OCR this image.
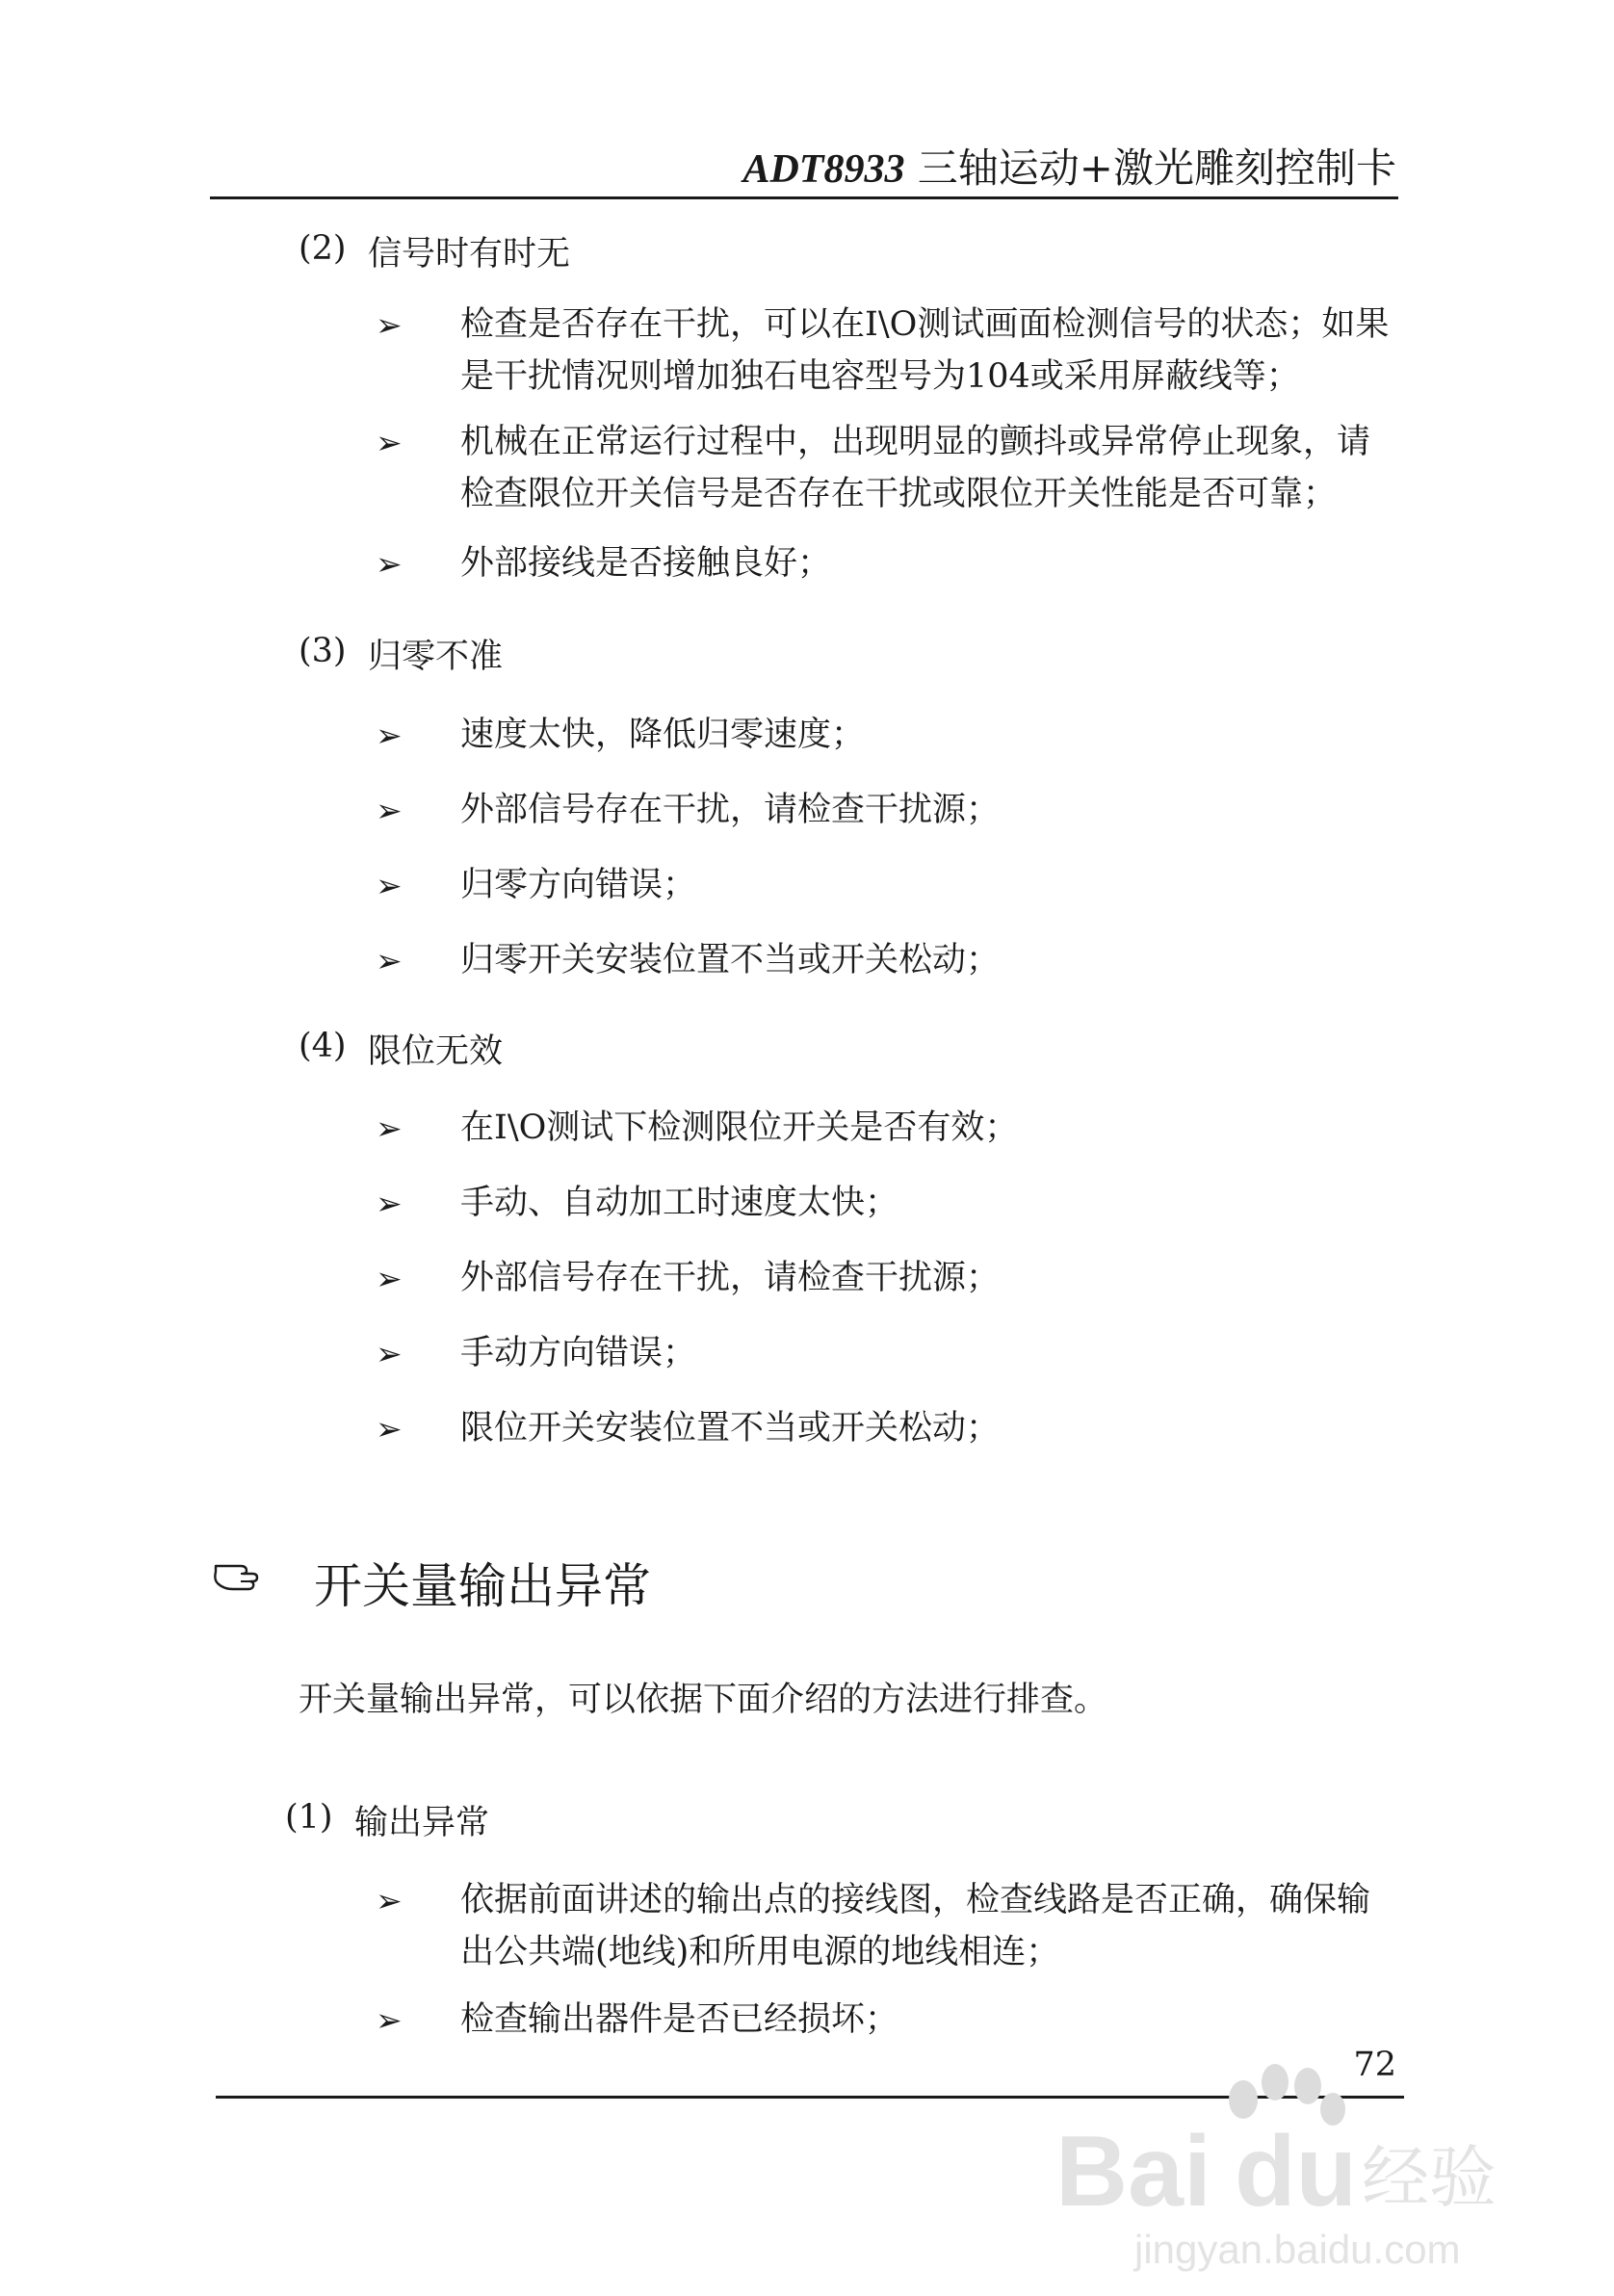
ADT8933 三轴运动+激光雕刻控制卡
(2) 信号时有时无
➢ 检查是否存在干扰，可以在I\O测试画面检测信号的状态；如果是干扰情况则增加独石电容型号为104或采用屏蔽线等；
➢ 机械在正常运行过程中，出现明显的颤抖或异常停止现象，请检查限位开关信号是否存在干扰或限位开关性能是否可靠；
➢ 外部接线是否接触良好；
(3) 归零不准
➢ 速度太快，降低归零速度；
➢ 外部信号存在干扰，请检查干扰源；
➢ 归零方向错误；
➢ 归零开关安装位置不当或开关松动；
(4) 限位无效
➢ 在I\O测试下检测限位开关是否有效；
➢ 手动、自动加工时速度太快；
➢ 外部信号存在干扰，请检查干扰源；
➢ 手动方向错误；
➢ 限位开关安装位置不当或开关松动；
开关量输出异常
开关量输出异常，可以依据下面介绍的方法进行排查。
(1) 输出异常
➢ 依据前面讲述的输出点的接线图，检查线路是否正确，确保输出公共端(地线)和所用电源的地线相连；
➢ 检查输出器件是否已经损坏；
72
Bai du 经验
jingyan.baidu.com
